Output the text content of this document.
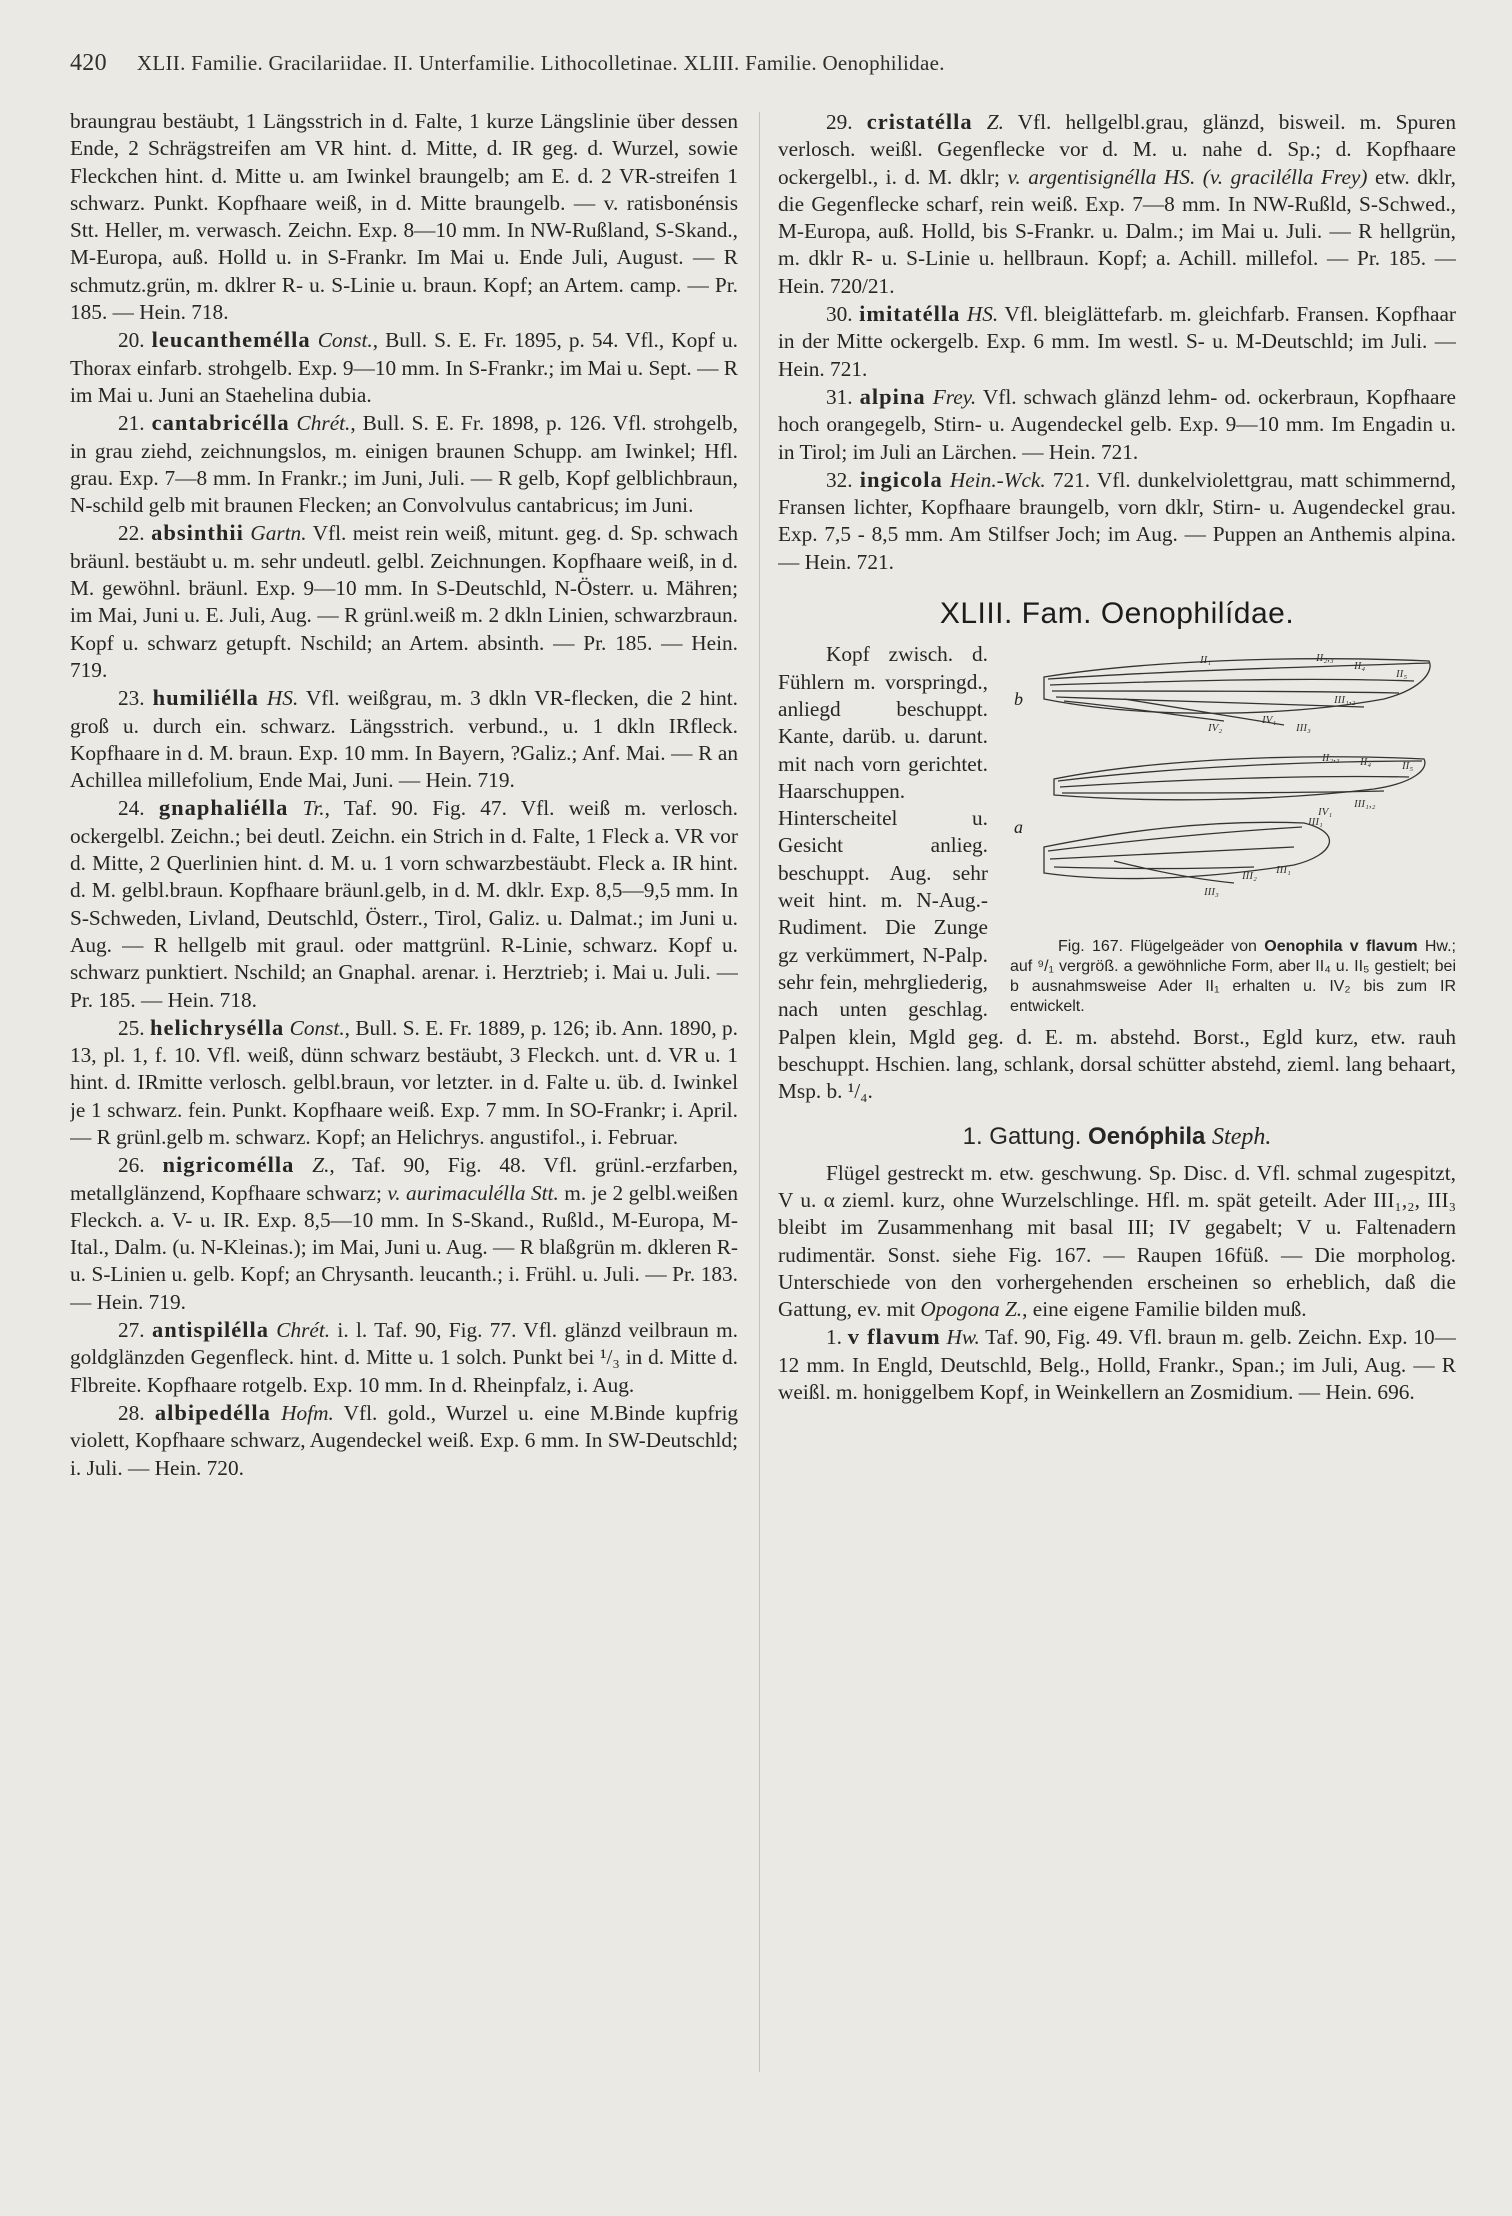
420 XLII. Familie. Gracilariidae. II. Unterfamilie. Lithocolletinae. XLIII. Familie. Oenophilidae.

braungrau bestäubt, 1 Längsstrich in d. Falte, 1 kurze Längslinie über dessen Ende, 2 Schrägstreifen am VR hint. d. Mitte, d. IR geg. d. Wurzel, sowie Fleckchen hint. d. Mitte u. am Iwinkel braungelb; am E. d. 2 VR-streifen 1 schwarz. Punkt. Kopfhaare weiß, in d. Mitte braungelb. — v. ratisbonénsis Stt. Heller, m. verwasch. Zeichn. Exp. 8—10 mm. In NW-Rußland, S-Skand., M-Europa, auß. Holld u. in S-Frankr. Im Mai u. Ende Juli, August. — R schmutz.grün, m. dklrer R- u. S-Linie u. braun. Kopf; an Artem. camp. — Pr. 185. — Hein. 718.

20. leucanthemélla Const., Bull. S. E. Fr. 1895, p. 54. Vfl., Kopf u. Thorax einfarb. strohgelb. Exp. 9—10 mm. In S-Frankr.; im Mai u. Sept. — R im Mai u. Juni an Staehelina dubia.

21. cantabricélla Chrét., Bull. S. E. Fr. 1898, p. 126. Vfl. strohgelb, in grau ziehd, zeichnungslos, m. einigen braunen Schupp. am Iwinkel; Hfl. grau. Exp. 7—8 mm. In Frankr.; im Juni, Juli. — R gelb, Kopf gelblichbraun, N-schild gelb mit braunen Flecken; an Convolvulus cantabricus; im Juni.

22. absinthii Gartn. Vfl. meist rein weiß, mitunt. geg. d. Sp. schwach bräunl. bestäubt u. m. sehr undeutl. gelbl. Zeichnungen. Kopfhaare weiß, in d. M. gewöhnl. bräunl. Exp. 9—10 mm. In S-Deutschld, N-Österr. u. Mähren; im Mai, Juni u. E. Juli, Aug. — R grünl.weiß m. 2 dkln Linien, schwarzbraun. Kopf u. schwarz getupft. Nschild; an Artem. absinth. — Pr. 185. — Hein. 719.

23. humiliélla HS. Vfl. weißgrau, m. 3 dkln VR-flecken, die 2 hint. groß u. durch ein. schwarz. Längsstrich. verbund., u. 1 dkln IRfleck. Kopfhaare in d. M. braun. Exp. 10 mm. In Bayern, ?Galiz.; Anf. Mai. — R an Achillea millefolium, Ende Mai, Juni. — Hein. 719.

24. gnaphaliélla Tr., Taf. 90. Fig. 47. Vfl. weiß m. verlosch. ockergelbl. Zeichn.; bei deutl. Zeichn. ein Strich in d. Falte, 1 Fleck a. VR vor d. Mitte, 2 Querlinien hint. d. M. u. 1 vorn schwarzbestäubt. Fleck a. IR hint. d. M. gelbl.braun. Kopfhaare bräunl.gelb, in d. M. dklr. Exp. 8,5—9,5 mm. In S-Schweden, Livland, Deutschld, Österr., Tirol, Galiz. u. Dalmat.; im Juni u. Aug. — R hellgelb mit graul. oder mattgrünl. R-Linie, schwarz. Kopf u. schwarz punktiert. Nschild; an Gnaphal. arenar. i. Herztrieb; i. Mai u. Juli. — Pr. 185. — Hein. 718.

25. helichrysélla Const., Bull. S. E. Fr. 1889, p. 126; ib. Ann. 1890, p. 13, pl. 1, f. 10. Vfl. weiß, dünn schwarz bestäubt, 3 Fleckch. unt. d. VR u. 1 hint. d. IRmitte verlosch. gelbl.braun, vor letzter. in d. Falte u. üb. d. Iwinkel je 1 schwarz. fein. Punkt. Kopfhaare weiß. Exp. 7 mm. In SO-Frankr; i. April. — R grünl.gelb m. schwarz. Kopf; an Helichrys. angustifol., i. Februar.

26. nigricomélla Z., Taf. 90, Fig. 48. Vfl. grünl.-erzfarben, metallglänzend, Kopfhaare schwarz; v. aurimaculélla Stt. m. je 2 gelbl.weißen Fleckch. a. V- u. IR. Exp. 8,5—10 mm. In S-Skand., Rußld., M-Europa, M-Ital., Dalm. (u. N-Kleinas.); im Mai, Juni u. Aug. — R blaßgrün m. dkleren R- u. S-Linien u. gelb. Kopf; an Chrysanth. leucanth.; i. Frühl. u. Juli. — Pr. 183. — Hein. 719.

27. antispilélla Chrét. i. l. Taf. 90, Fig. 77. Vfl. glänzd veilbraun m. goldglänzden Gegenfleck. hint. d. Mitte u. 1 solch. Punkt bei ¹/₃ in d. Mitte d. Flbreite. Kopfhaare rotgelb. Exp. 10 mm. In d. Rheinpfalz, i. Aug.

28. albipedélla Hofm. Vfl. gold., Wurzel u. eine M.Binde kupfrig violett, Kopfhaare schwarz, Augendeckel weiß. Exp. 6 mm. In SW-Deutschld; i. Juli. — Hein. 720.

29. cristatélla Z. Vfl. hellgelbl.grau, glänzd, bisweil. m. Spuren verlosch. weißl. Gegenflecke vor d. M. u. nahe d. Sp.; d. Kopfhaare ockergelbl., i. d. M. dklr; v. argentisignélla HS. (v. gracilélla Frey) etw. dklr, die Gegenflecke scharf, rein weiß. Exp. 7—8 mm. In NW-Rußld, S-Schwed., M-Europa, auß. Holld, bis S-Frankr. u. Dalm.; im Mai u. Juli. — R hellgrün, m. dklr R- u. S-Linie u. hellbraun. Kopf; a. Achill. millefol. — Pr. 185. — Hein. 720/21.

30. imitatélla HS. Vfl. bleiglättefarb. m. gleichfarb. Fransen. Kopfhaar in der Mitte ockergelb. Exp. 6 mm. Im westl. S- u. M-Deutschld; im Juli. — Hein. 721.

31. alpina Frey. Vfl. schwach glänzd lehm- od. ockerbraun, Kopfhaare hoch orangegelb, Stirn- u. Augendeckel gelb. Exp. 9—10 mm. Im Engadin u. in Tirol; im Juli an Lärchen. — Hein. 721.

32. ingicola Hein.-Wck. 721. Vfl. dunkelviolettgrau, matt schimmernd, Fransen lichter, Kopfhaare braungelb, vorn dklr, Stirn- u. Augendeckel grau. Exp. 7,5 - 8,5 mm. Am Stilfser Joch; im Aug. — Puppen an Anthemis alpina. — Hein. 721.

XLIII. Fam. Oenophilídae.

II₁	II₂,₃
II₄
II₅
III₁,₂
IV₁
III₃
IV₂
II₂,₃ II₄	II₅
III₁,₂
IV₁
III₁
III₂ III₁
III₃
b
a
Fig. 167. Flügelgeäder von Oenophila v flavum Hw.; auf ⁹/₁ vergröß. a gewöhnliche Form, aber II₄ u. II₅ gestielt; bei b ausnahmsweise Ader II₁ erhalten u. IV₂ bis zum IR entwickelt.
Kopf zwisch. d. Fühlern m. vorspringd., anliegd beschuppt. Kante, darüb. u. darunt. mit nach vorn gerichtet. Haarschuppen. Hinterscheitel u. Gesicht anlieg. beschuppt. Aug. sehr weit hint. m. N-Aug.-Rudiment. Die Zunge gz verkümmert, N-Palp. sehr fein, mehrgliederig, nach unten geschlag. Palpen klein, Mgld geg. d. E. m. abstehd. Borst., Egld kurz, etw. rauh beschuppt. Hschien. lang, schlank, dorsal schütter abstehd, zieml. lang behaart, Msp. b. ¹/₄.

1. Gattung. Oenóphila Steph.

Flügel gestreckt m. etw. geschwung. Sp. Disc. d. Vfl. schmal zugespitzt, V u. α zieml. kurz, ohne Wurzelschlinge. Hfl. m. spät geteilt. Ader III₁,₂, III₃ bleibt im Zusammenhang mit basal III; IV gegabelt; V u. Faltenadern rudimentär. Sonst. siehe Fig. 167. — Raupen 16füß. — Die morpholog. Unterschiede von den vorhergehenden erscheinen so erheblich, daß die Gattung, ev. mit Opogona Z., eine eigene Familie bilden muß.

1. v flavum Hw. Taf. 90, Fig. 49. Vfl. braun m. gelb. Zeichn. Exp. 10—12 mm. In Engld, Deutschld, Belg., Holld, Frankr., Span.; im Juli, Aug. — R weißl. m. honiggelbem Kopf, in Weinkellern an Zosmidium. — Hein. 696.
